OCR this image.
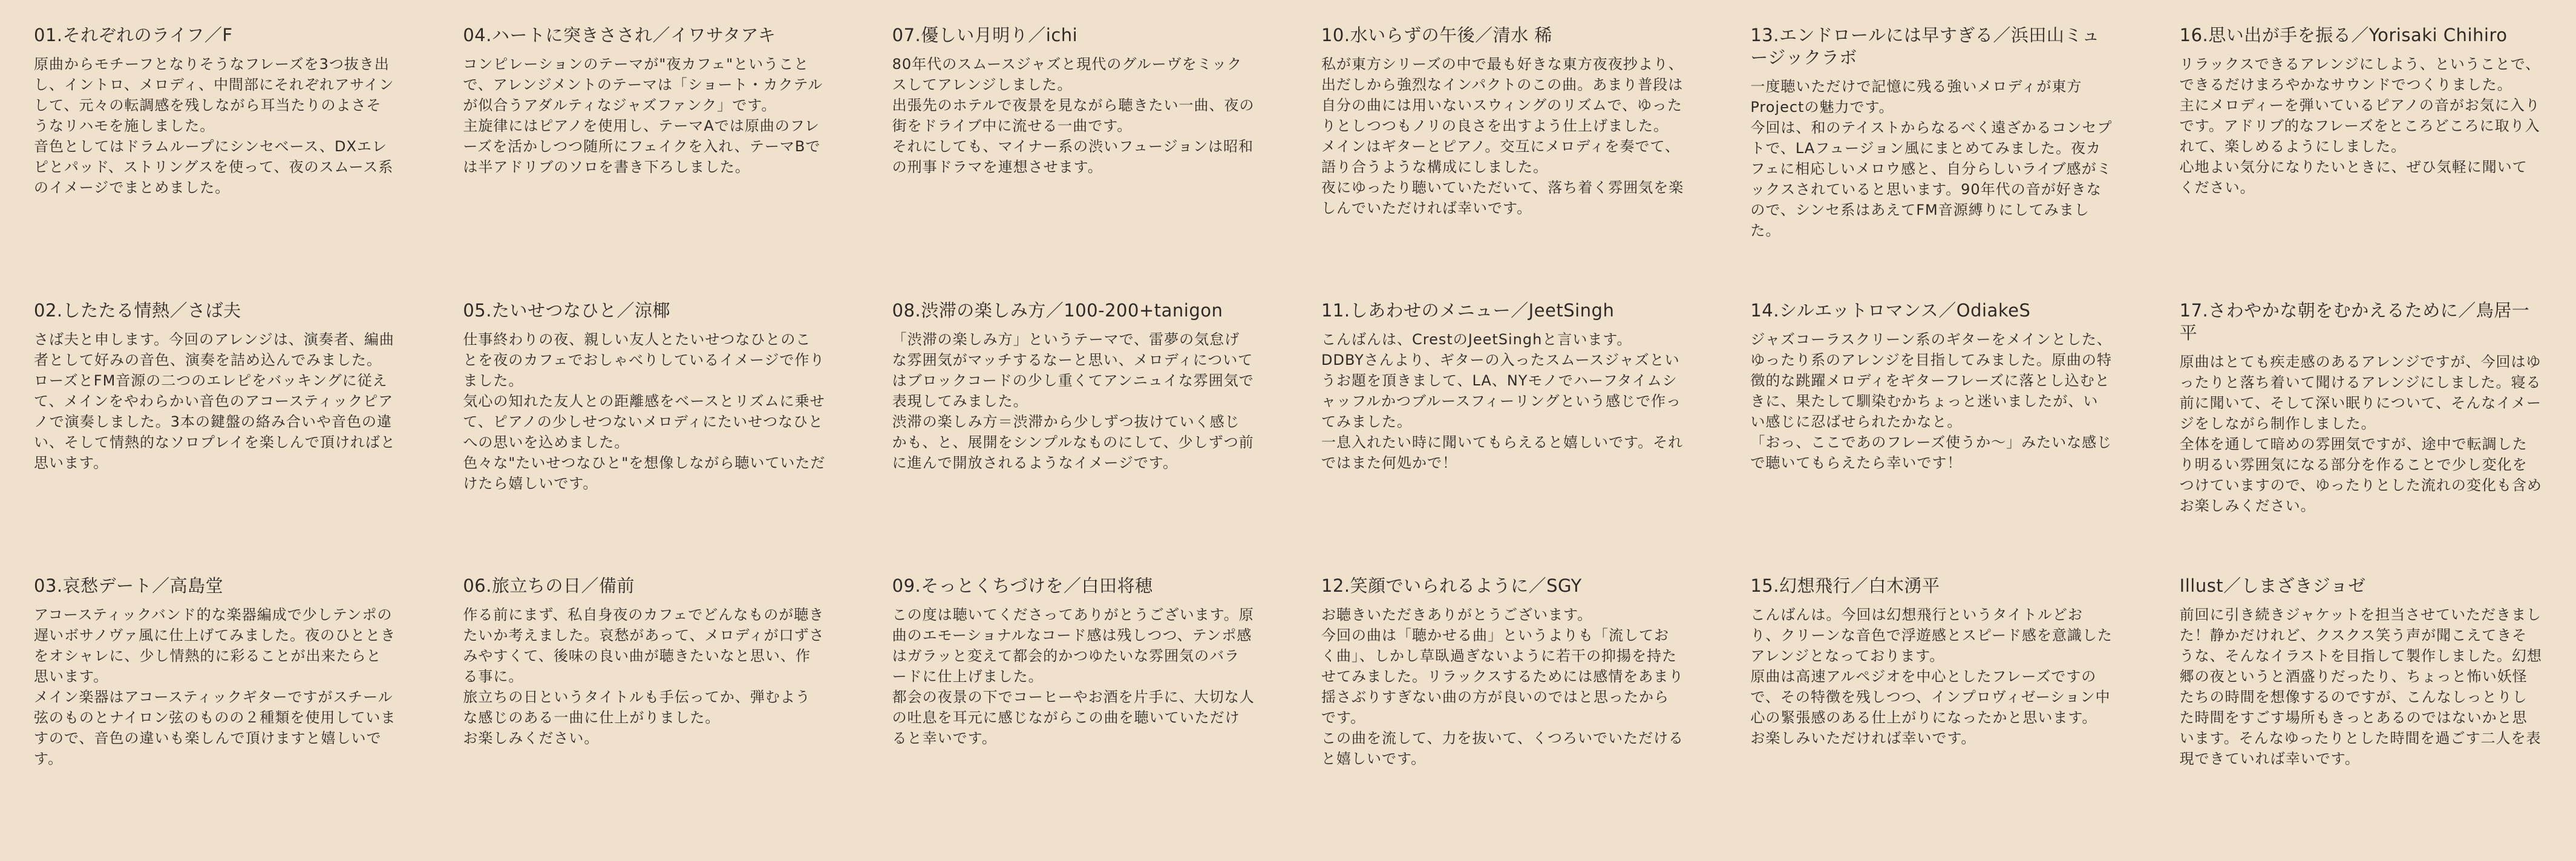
01.それぞれのライフ／F

原曲からモチーフとなりそうなフレーズを3つ抜き出し、イントロ、メロディ、中間部にそれぞれアサインして、元々の転調感を残しながら耳当たりのよさそうなリハモを施しました。
音色としてはドラムループにシンセベース、DXエレピとパッド、ストリングスを使って、夜のスムース系のイメージでまとめました。

04.ハートに突きさされ／イワサタアキ

コンピレーションのテーマが"夜カフェ"ということで、アレンジメントのテーマは「ショート・カクテルが似合うアダルティなジャズファンク」です。
主旋律にはピアノを使用し、テーマAでは原曲のフレーズを活かしつつ随所にフェイクを入れ、テーマBでは半アドリブのソロを書き下ろしました。

07.優しい月明り／ichi

80年代のスムースジャズと現代のグルーヴをミックスしてアレンジしました。
出張先のホテルで夜景を見ながら聴きたい一曲、夜の街をドライブ中に流せる一曲です。
それにしても、マイナー系の渋いフュージョンは昭和の刑事ドラマを連想させます。

10.水いらずの午後／清水 稀

私が東方シリーズの中で最も好きな東方夜夜抄より、出だしから強烈なインパクトのこの曲。あまり普段は自分の曲には用いないスウィングのリズムで、ゆったりとしつつもノリの良さを出すよう仕上げました。
メインはギターとピアノ。交互にメロディを奏でて、語り合うような構成にしました。
夜にゆったり聴いていただいて、落ち着く雰囲気を楽しんでいただければ幸いです。

13.エンドロールには早すぎる／浜田山ミュージックラボ

一度聴いただけで記憶に残る強いメロディが東方Projectの魅力です。
今回は、和のテイストからなるべく遠ざかるコンセプトで、LAフュージョン風にまとめてみました。夜カフェに相応しいメロウ感と、自分らしいライブ感がミックスされていると思います。90年代の音が好きなので、シンセ系はあえてFM音源縛りにしてみました。

16.思い出が手を振る／Yorisaki Chihiro

リラックスできるアレンジにしよう、ということで、できるだけまろやかなサウンドでつくりました。
主にメロディーを弾いているピアノの音がお気に入りです。アドリブ的なフレーズをところどころに取り入れて、楽しめるようにしました。
心地よい気分になりたいときに、ぜひ気軽に聞いてください。

02.したたる情熱／さば夫

さば夫と申します。今回のアレンジは、演奏者、編曲者として好みの音色、演奏を詰め込んでみました。
ローズとFM音源の二つのエレピをバッキングに従えて、メインをやわらかい音色のアコースティックピアノで演奏しました。3本の鍵盤の絡み合いや音色の違い、そして情熱的なソロプレイを楽しんで頂ければと思います。

05.たいせつなひと／涼椰

仕事終わりの夜、親しい友人とたいせつなひとのことを夜のカフェでおしゃべりしているイメージで作りました。
気心の知れた友人との距離感をベースとリズムに乗せて、ピアノの少しせつないメロディにたいせつなひとへの思いを込めました。
色々な"たいせつなひと"を想像しながら聴いていただけたら嬉しいです。

08.渋滞の楽しみ方／100-200+tanigon

「渋滞の楽しみ方」というテーマで、雷夢の気怠げな雰囲気がマッチするなーと思い、メロディについてはブロックコードの少し重くてアンニュイな雰囲気で表現してみました。
渋滞の楽しみ方＝渋滞から少しずつ抜けていく感じかも、と、展開をシンプルなものにして、少しずつ前に進んで開放されるようなイメージです。

11.しあわせのメニュー／JeetSingh

こんばんは、CrestのJeetSinghと言います。
DDBYさんより、ギターの入ったスムースジャズというお題を頂きまして、LA、NYモノでハーフタイムシャッフルかつブルースフィーリングという感じで作ってみました。
一息入れたい時に聞いてもらえると嬉しいです。それではまた何処かで！

14.シルエットロマンス／OdiakeS

ジャズコーラスクリーン系のギターをメインとした、ゆったり系のアレンジを目指してみました。原曲の特徴的な跳躍メロディをギターフレーズに落とし込むときに、果たして馴染むかちょっと迷いましたが、いい感じに忍ばせられたかなと。
「おっ、ここであのフレーズ使うか〜」みたいな感じで聴いてもらえたら幸いです！

17.さわやかな朝をむかえるために／鳥居一平

原曲はとても疾走感のあるアレンジですが、今回はゆったりと落ち着いて聞けるアレンジにしました。寝る前に聞いて、そして深い眠りについて、そんなイメージをしながら制作しました。
全体を通して暗めの雰囲気ですが、途中で転調したり明るい雰囲気になる部分を作ることで少し変化をつけていますので、ゆったりとした流れの変化も含めお楽しみください。

03.哀愁デート／高島堂

アコースティックバンド的な楽器編成で少しテンポの遅いボサノヴァ風に仕上げてみました。夜のひとときをオシャレに、少し情熱的に彩ることが出来たらと思います。
メイン楽器はアコースティックギターですがスチール弦のものとナイロン弦のものの２種類を使用していますので、音色の違いも楽しんで頂けますと嬉しいです。

06.旅立ちの日／備前

作る前にまず、私自身夜のカフェでどんなものが聴きたいか考えました。哀愁があって、メロディが口ずさみやすくて、後味の良い曲が聴きたいなと思い、作る事に。
旅立ちの日というタイトルも手伝ってか、弾むような感じのある一曲に仕上がりました。
お楽しみください。

09.そっとくちづけを／白田将穂

この度は聴いてくださってありがとうございます。原曲のエモーショナルなコード感は残しつつ、テンポ感はガラッと変えて都会的かつゆたいな雰囲気のバラードに仕上げました。
都会の夜景の下でコーヒーやお酒を片手に、大切な人の吐息を耳元に感じながらこの曲を聴いていただけると幸いです。

12.笑顔でいられるように／SGY

お聴きいただきありがとうございます。
今回の曲は「聴かせる曲」というよりも「流しておく曲」、しかし草臥過ぎないように若干の抑揚を持たせてみました。リラックスするためには感情をあまり揺さぶりすぎない曲の方が良いのではと思ったからです。
この曲を流して、力を抜いて、くつろいでいただけると嬉しいです。

15.幻想飛行／白木湧平

こんばんは。今回は幻想飛行というタイトルどおり、クリーンな音色で浮遊感とスピード感を意識したアレンジとなっております。
原曲は高速アルペジオを中心としたフレーズですので、その特徴を残しつつ、インプロヴィゼーション中心の緊張感のある仕上がりになったかと思います。
お楽しみいただければ幸いです。

Illust／しまざきジョゼ

前回に引き続きジャケットを担当させていただきました！静かだけれど、クスクス笑う声が聞こえてきそうな、そんなイラストを目指して製作しました。幻想郷の夜というと酒盛りだったり、ちょっと怖い妖怪たちの時間を想像するのですが、こんなしっとりした時間をすごす場所もきっとあるのではないかと思います。そんなゆったりとした時間を過ごす二人を表現できていれば幸いです。
